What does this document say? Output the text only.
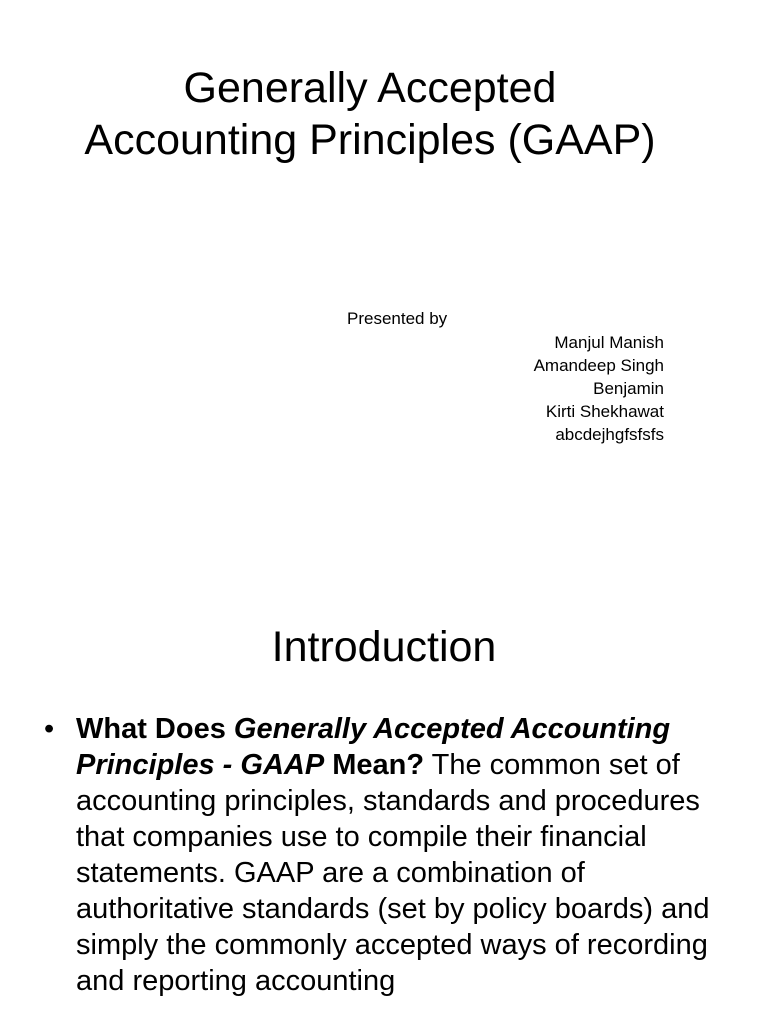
Generally Accepted
Accounting Principles (GAAP)
Presented by
Manjul Manish
Amandeep Singh
Benjamin
Kirti Shekhawat
abcdejhgfsfsfs
Introduction
• What Does Generally Accepted Accounting Principles - GAAP Mean? The common set of accounting principles, standards and procedures that companies use to compile their financial statements. GAAP are a combination of authoritative standards (set by policy boards) and simply the commonly accepted ways of recording and reporting accounting
